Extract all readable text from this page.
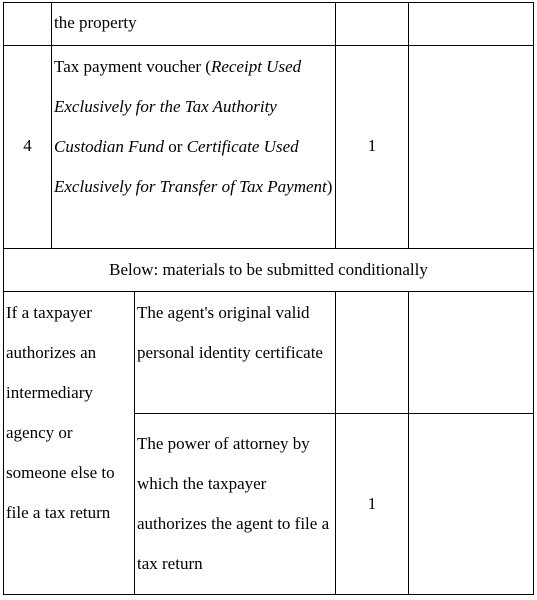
the property
4
Tax payment voucher (Receipt Used Exclusively for the Tax Authority Custodian Fund or Certificate Used Exclusively for Transfer of Tax Payment)
1
Below: materials to be submitted conditionally
If a taxpayer authorizes an intermediary agency or someone else to file a tax return
The agent's original valid personal identity certificate
The power of attorney by which the taxpayer authorizes the agent to file a tax return
1
